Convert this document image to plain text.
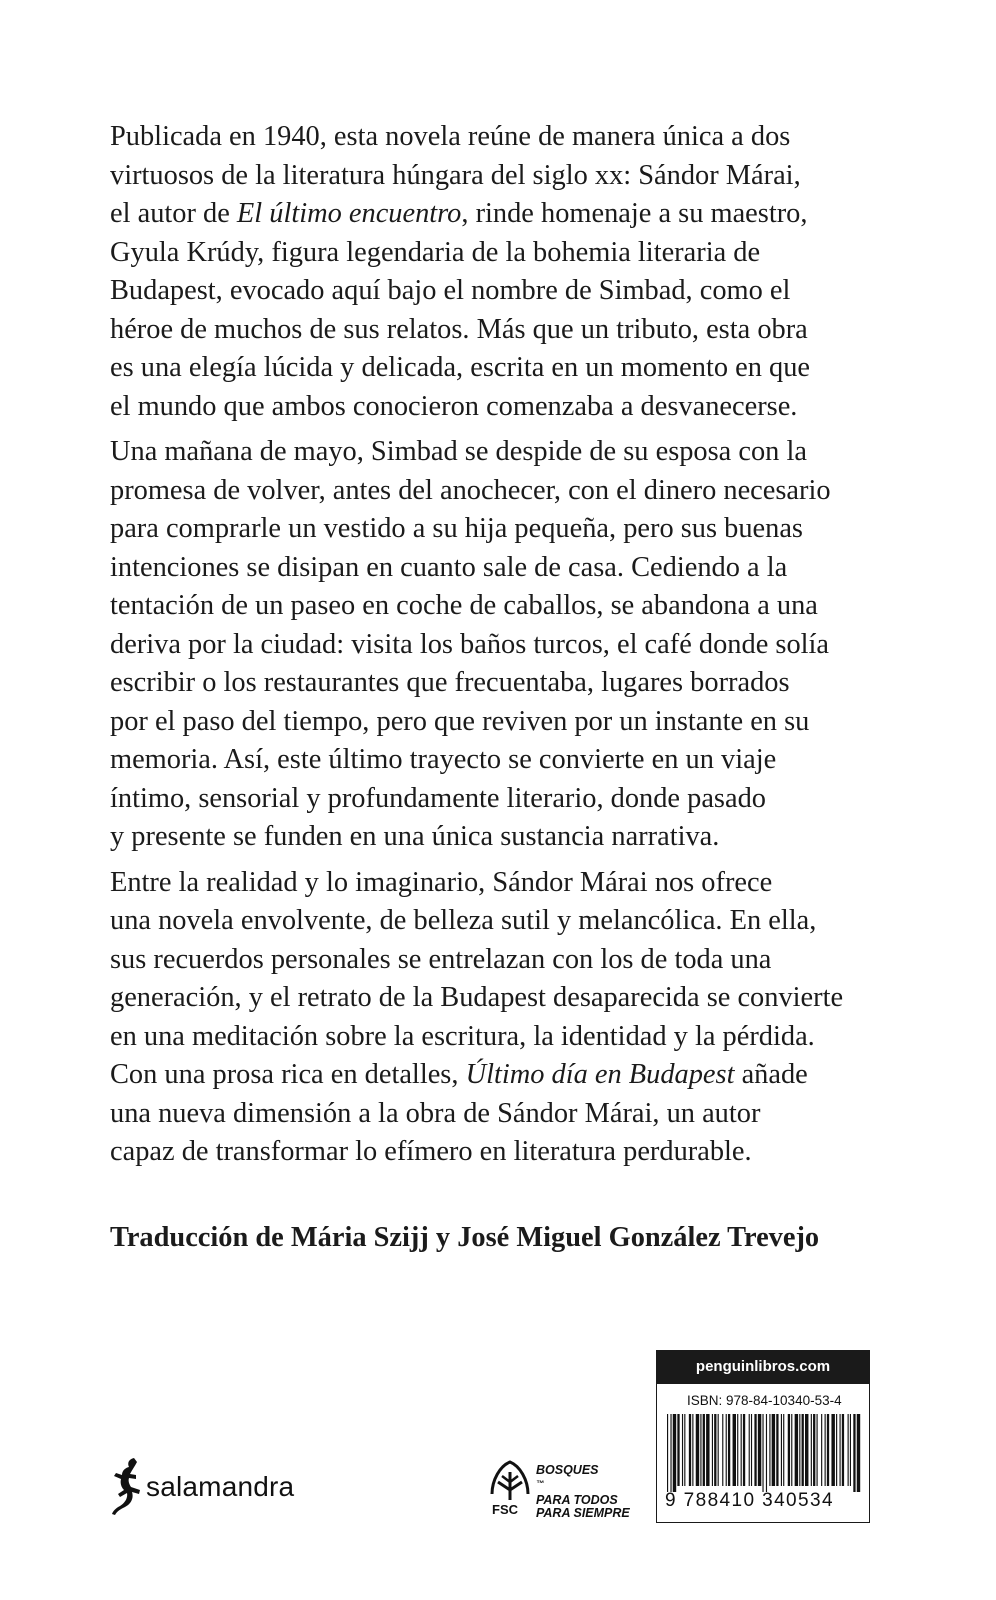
Publicada en 1940, esta novela reúne de manera única a dos
virtuosos de la literatura húngara del siglo xx: Sándor Márai,
el autor de El último encuentro, rinde homenaje a su maestro,
Gyula Krúdy, figura legendaria de la bohemia literaria de
Budapest, evocado aquí bajo el nombre de Simbad, como el
héroe de muchos de sus relatos. Más que un tributo, esta obra
es una elegía lúcida y delicada, escrita en un momento en que
el mundo que ambos conocieron comenzaba a desvanecerse.

Una mañana de mayo, Simbad se despide de su esposa con la
promesa de volver, antes del anochecer, con el dinero necesario
para comprarle un vestido a su hija pequeña, pero sus buenas
intenciones se disipan en cuanto sale de casa. Cediendo a la
tentación de un paseo en coche de caballos, se abandona a una
deriva por la ciudad: visita los baños turcos, el café donde solía
escribir o los restaurantes que frecuentaba, lugares borrados
por el paso del tiempo, pero que reviven por un instante en su
memoria. Así, este último trayecto se convierte en un viaje
íntimo, sensorial y profundamente literario, donde pasado
y presente se funden en una única sustancia narrativa.

Entre la realidad y lo imaginario, Sándor Márai nos ofrece
una novela envolvente, de belleza sutil y melancólica. En ella,
sus recuerdos personales se entrelazan con los de toda una
generación, y el retrato de la Budapest desaparecida se convierte
en una meditación sobre la escritura, la identidad y la pérdida.
Con una prosa rica en detalles, Último día en Budapest añade
una nueva dimensión a la obra de Sándor Márai, un autor
capaz de transformar lo efímero en literatura perdurable.

Traducción de Mária Szijj y José Miguel González Trevejo
salamandra
FSC
BOSQUES
™
PARA TODOS
PARA SIEMPRE
penguinlibros.com
ISBN: 978-84-10340-53-4
9 788410 340534
